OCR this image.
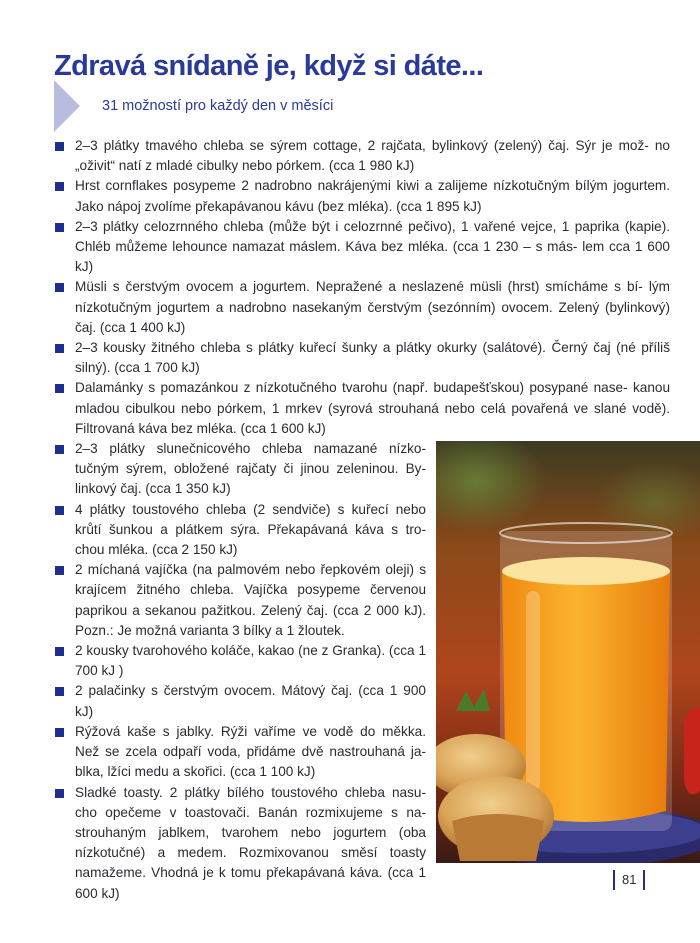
Zdravá snídaně je, když si dáte...
31 možností pro každý den v měsíci
2–3 plátky tmavého chleba se sýrem cottage, 2 rajčata, bylinkový (zelený) čaj. Sýr je mož- no „oživit“ natí z mladé cibulky nebo pórkem. (cca 1 980 kJ)
Hrst cornflakes posypeme 2 nadrobno nakrájenými kiwi a zalijeme nízkotučným bílým jogurtem. Jako nápoj zvolíme překapávanou kávu (bez mléka). (cca 1 895 kJ)
2–3 plátky celozrnného chleba (může být i celozrnné pečivo), 1 vařené vejce, 1 paprika (kapie). Chléb můžeme lehounce namazat máslem. Káva bez mléka. (cca 1 230 – s más- lem cca 1 600 kJ)
Müsli s čerstvým ovocem a jogurtem. Nepražené a neslazené müsli (hrst) smícháme s bí- lým nízkotučným jogurtem a nadrobno nasekaným čerstvým (sezónním) ovocem. Zelený (bylinkový) čaj. (cca 1 400 kJ)
2–3 kousky žitného chleba s plátky kuřecí šunky a plátky okurky (salátové). Černý čaj (né příliš silný). (cca 1 700 kJ)
Dalamánky s pomazánkou z nízkotučného tvarohu (např. budapešťskou) posypané nase- kanou mladou cibulkou nebo pórkem, 1 mrkev (syrová strouhaná nebo celá povařená ve slané vodě). Filtrovaná káva bez mléka. (cca 1 600 kJ)
2–3 plátky slunečnicového chleba namazané nízko- tučným sýrem, obložené rajčaty či jinou zeleninou. By- linkový čaj. (cca 1 350 kJ)
4 plátky toustového chleba (2 sendviče) s kuřecí nebo krůtí šunkou a plátkem sýra. Překapávaná káva s tro- chou mléka. (cca 2 150 kJ)
2 míchaná vajíčka (na palmovém nebo řepkovém oleji) s krajícem žitného chleba. Vajíčka posypeme červenou paprikou a sekanou pažitkou. Zelený čaj. (cca 2 000 kJ). Pozn.: Je možná varianta 3 bílky a 1 žloutek.
2 kousky tvarohového koláče, kakao (ne z Granka). (cca 1 700 kJ )
2 palačinky s čerstvým ovocem. Mátový čaj. (cca 1 900 kJ)
Rýžová kaše s jablky. Rýži vaříme ve vodě do měkka. Než se zcela odpaří voda, přidáme dvě nastrouhaná ja- blka, lžíci medu a skořici. (cca 1 100 kJ)
Sladké toasty. 2 plátky bílého toustového chleba nasu- cho opečeme v toastovači. Banán rozmixujeme s na- strouhaným jablkem, tvarohem nebo jogurtem (oba nízkotučné) a medem. Rozmixovanou směsí toasty namažeme. Vhodná je k tomu překapávaná káva. (cca 1 600 kJ)
81
